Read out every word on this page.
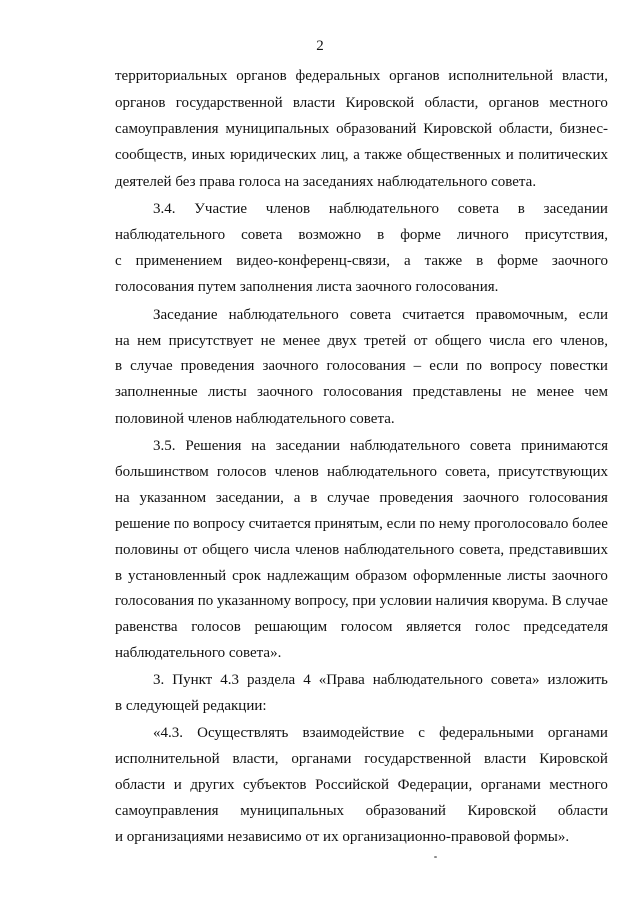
2
территориальных органов федеральных органов исполнительной власти,
органов государственной власти Кировской области, органов местного
самоуправления муниципальных образований Кировской области, бизнес-
сообществ, иных юридических лиц, а также общественных и политических
деятелей без права голоса на заседаниях наблюдательного совета.
3.4. Участие членов наблюдательного совета в заседании
наблюдательного совета возможно в форме личного присутствия,
с применением видео-конференц-связи, а также в форме заочного
голосования путем заполнения листа заочного голосования.
Заседание наблюдательного совета считается правомочным, если
на нем присутствует не менее двух третей от общего числа его членов,
в случае проведения заочного голосования – если по вопросу повестки
заполненные листы заочного голосования представлены не менее чем
половиной членов наблюдательного совета.
3.5. Решения на заседании наблюдательного совета принимаются
большинством голосов членов наблюдательного совета, присутствующих
на указанном заседании, а в случае проведения заочного голосования
решение по вопросу считается принятым, если по нему проголосовало более
половины от общего числа членов наблюдательного совета, представивших
в установленный срок надлежащим образом оформленные листы заочного
голосования по указанному вопросу, при условии наличия кворума. В случае
равенства голосов решающим голосом является голос председателя
наблюдательного совета».
3. Пункт 4.3 раздела 4 «Права наблюдательного совета» изложить
в следующей редакции:
«4.3. Осуществлять взаимодействие с федеральными органами
исполнительной власти, органами государственной власти Кировской
области и других субъектов Российской Федерации, органами местного
самоуправления муниципальных образований Кировской области
и организациями независимо от их организационно-правовой формы».
